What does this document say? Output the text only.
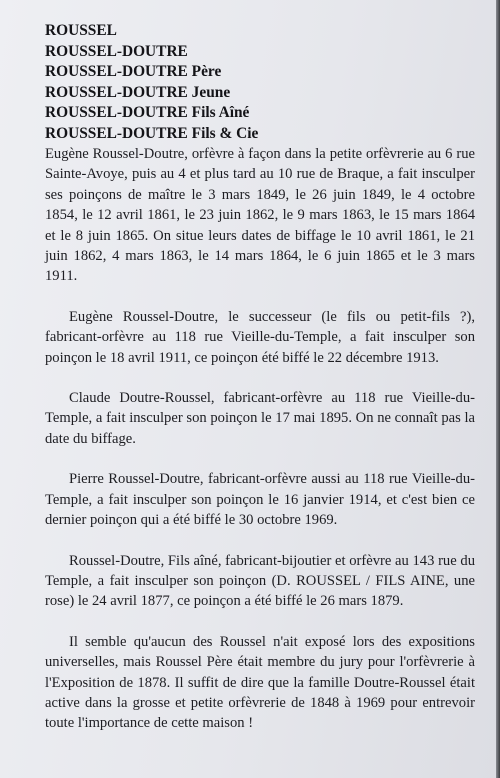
ROUSSEL
ROUSSEL-DOUTRE
ROUSSEL-DOUTRE Père
ROUSSEL-DOUTRE Jeune
ROUSSEL-DOUTRE Fils Aîné
ROUSSEL-DOUTRE Fils & Cie

Eugène Roussel-Doutre, orfèvre à façon dans la petite orfèvrerie au 6 rue Sainte-Avoye, puis au 4 et plus tard au 10 rue de Braque, a fait insculper ses poinçons de maître le 3 mars 1849, le 26 juin 1849, le 4 octobre 1854, le 12 avril 1861, le 23 juin 1862, le 9 mars 1863, le 15 mars 1864 et le 8 juin 1865. On situe leurs dates de biffage le 10 avril 1861, le 21 juin 1862, 4 mars 1863, le 14 mars 1864, le 6 juin 1865 et le 3 mars 1911.

Eugène Roussel-Doutre, le successeur (le fils ou petit-fils ?), fabricant-orfèvre au 118 rue Vieille-du-Temple, a fait insculper son poinçon le 18 avril 1911, ce poinçon été biffé le 22 décembre 1913.

Claude Doutre-Roussel, fabricant-orfèvre au 118 rue Vieille-du-Temple, a fait insculper son poinçon le 17 mai 1895. On ne connaît pas la date du biffage.

Pierre Roussel-Doutre, fabricant-orfèvre aussi au 118 rue Vieille-du-Temple, a fait insculper son poinçon le 16 janvier 1914, et c'est bien ce dernier poinçon qui a été biffé le 30 octobre 1969.

Roussel-Doutre, Fils aîné, fabricant-bijoutier et orfèvre au 143 rue du Temple, a fait insculper son poinçon (D. ROUSSEL / FILS AINE, une rose) le 24 avril 1877, ce poinçon a été biffé le 26 mars 1879.

Il semble qu'aucun des Roussel n'ait exposé lors des expositions universelles, mais Roussel Père était membre du jury pour l'orfèvrerie à l'Exposition de 1878. Il suffit de dire que la famille Doutre-Roussel était active dans la grosse et petite orfèvrerie de 1848 à 1969 pour entrevoir toute l'importance de cette maison !
